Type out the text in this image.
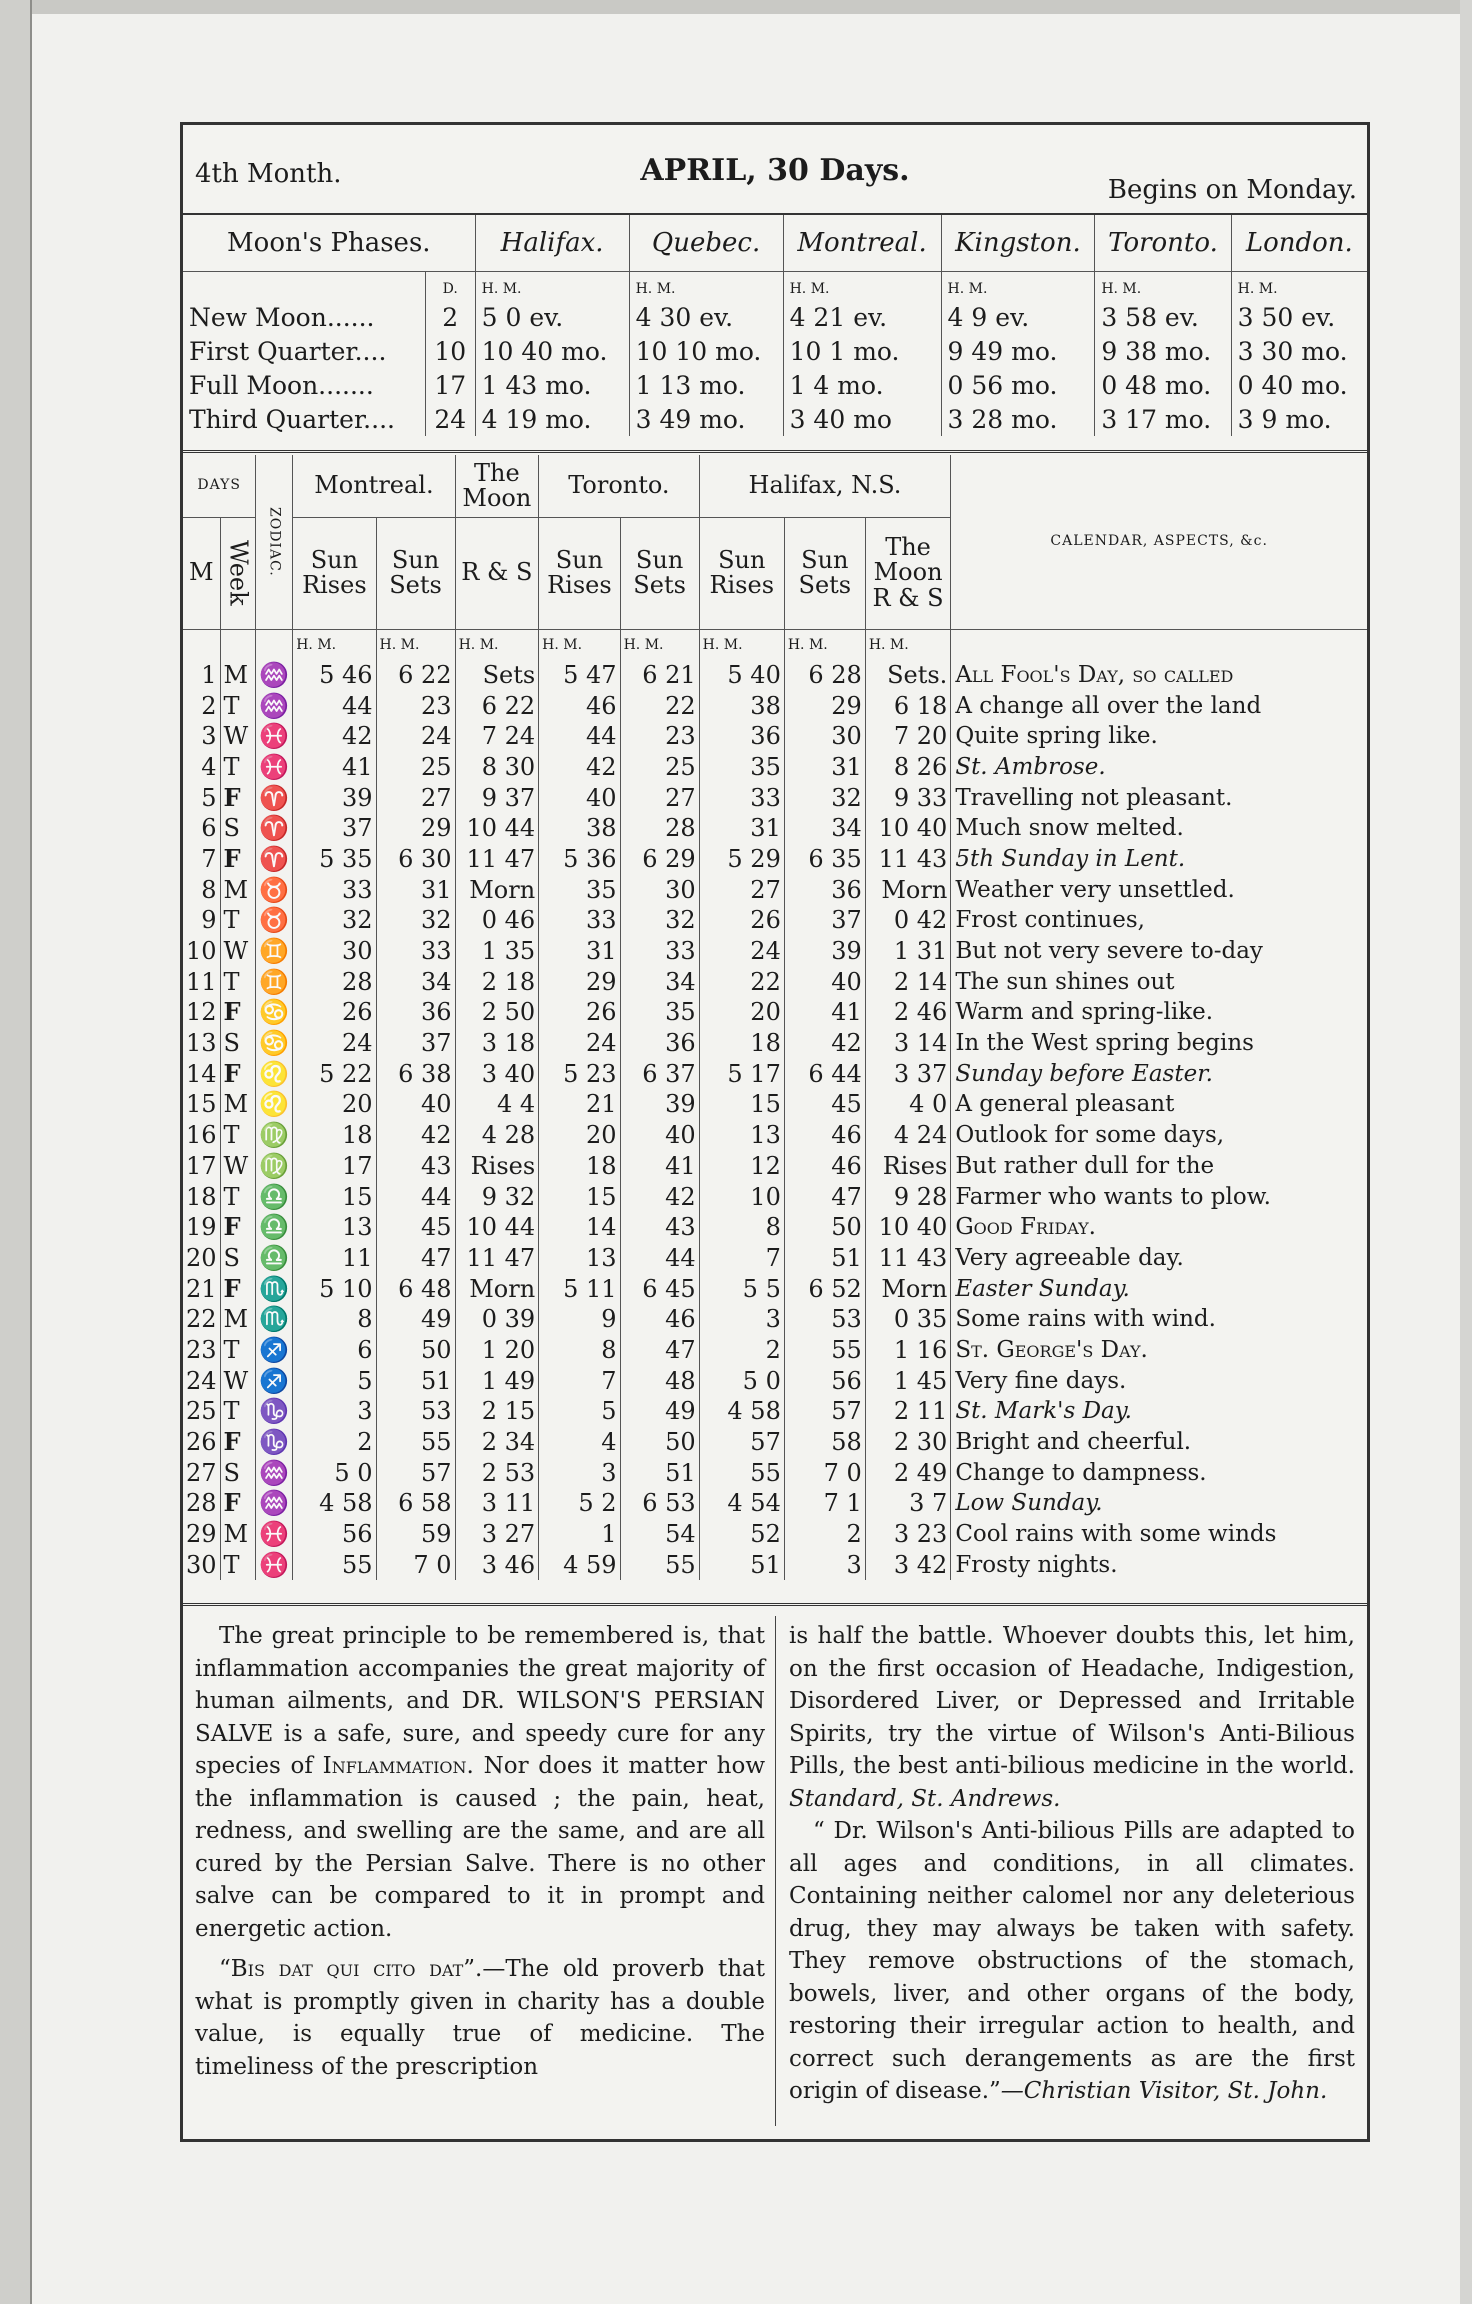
4th Month.	APRIL, 30 Days.
Begins on Monday.
Moon's Phases.		Halifax.	Quebec.	Montreal.	Kingston.	Toronto.	London.
	D.	H. M.	H. M.	H. M.	H. M.	H. M.	H. M.
New Moon......	2	5 0 ev.	4 30 ev.	4 21 ev.	4 9 ev.	3 58 ev.	3 50 ev.
First Quarter....	10	10 40 mo.	10 10 mo.	10 1 mo.	9 49 mo.	9 38 mo.	3 30 mo.
Full Moon.......	17	1 43 mo.	1 13 mo.	1 4 mo.	0 56 mo.	0 48 mo.	0 40 mo.
Third Quarter....	24	4 19 mo.	3 49 mo.	3 40 mo	3 28 mo.	3 17 mo.	3 9 mo.
DAYS		ZODIAC.	Montreal.		The Moon	Toronto.		Halifax, N.S.			CALENDAR, ASPECTS, &c.
M	Week		Sun Rises	Sun Sets	R & S	Sun Rises	Sun Sets	Sun Rises	Sun Sets	The Moon R & S	
			H. M.	H. M.	H. M.	H. M.	H. M.	H. M.	H. M.	H. M.	
1	M	♒	5 46	6 22	Sets	5 47	6 21	5 40	6 28	Sets.	All Fool's Day, so called
2	T	♒	44	23	6 22	46	22	38	29	6 18	A change all over the land
3	W	♓	42	24	7 24	44	23	36	30	7 20	Quite spring like.
4	T	♓	41	25	8 30	42	25	35	31	8 26	St. Ambrose.
5	F	♈	39	27	9 37	40	27	33	32	9 33	Travelling not pleasant.
6	S	♈	37	29	10 44	38	28	31	34	10 40	Much snow melted.
7	F	♈	5 35	6 30	11 47	5 36	6 29	5 29	6 35	11 43	5th Sunday in Lent.
8	M	♉	33	31	Morn	35	30	27	36	Morn	Weather very unsettled.
9	T	♉	32	32	0 46	33	32	26	37	0 42	Frost continues,
10	W	♊	30	33	1 35	31	33	24	39	1 31	But not very severe to-day
11	T	♊	28	34	2 18	29	34	22	40	2 14	The sun shines out
12	F	♋	26	36	2 50	26	35	20	41	2 46	Warm and spring-like.
13	S	♋	24	37	3 18	24	36	18	42	3 14	In the West spring begins
14	F	♌	5 22	6 38	3 40	5 23	6 37	5 17	6 44	3 37	Sunday before Easter.
15	M	♌	20	40	4 4	21	39	15	45	4 0	A general pleasant
16	T	♍	18	42	4 28	20	40	13	46	4 24	Outlook for some days,
17	W	♍	17	43	Rises	18	41	12	46	Rises	But rather dull for the
18	T	♎	15	44	9 32	15	42	10	47	9 28	Farmer who wants to plow.
19	F	♎	13	45	10 44	14	43	8	50	10 40	Good Friday.
20	S	♎	11	47	11 47	13	44	7	51	11 43	Very agreeable day.
21	F	♏	5 10	6 48	Morn	5 11	6 45	5 5	6 52	Morn	Easter Sunday.
22	M	♏	8	49	0 39	9	46	3	53	0 35	Some rains with wind.
23	T	♐	6	50	1 20	8	47	2	55	1 16	St. George's Day.
24	W	♐	5	51	1 49	7	48	5 0	56	1 45	Very fine days.
25	T	♑	3	53	2 15	5	49	4 58	57	2 11	St. Mark's Day.
26	F	♑	2	55	2 34	4	50	57	58	2 30	Bright and cheerful.
27	S	♒	5 0	57	2 53	3	51	55	7 0	2 49	Change to dampness.
28	F	♒	4 58	6 58	3 11	5 2	6 53	4 54	7 1	3 7	Low Sunday.
29	M	♓	56	59	3 27	1	54	52	2	3 23	Cool rains with some winds
30	T	♓	55	7 0	3 46	4 59	55	51	3	3 42	Frosty nights.

The great principle to be remembered is, that inflammation accompanies the great majority of human ailments, and DR. WILSON'S PERSIAN SALVE is a safe, sure, and speedy cure for any species of Inflammation. Nor does it matter how the inflammation is caused ; the pain, heat, redness, and swelling are the same, and are all cured by the Persian Salve. There is no other salve can be compared to it in prompt and energetic action.

“Bis dat qui cito dat”.—The old proverb that what is promptly given in charity has a double value, is equally true of medicine. The timeliness of the prescription

is half the battle. Whoever doubts this, let him, on the first occasion of Headache, Indigestion, Disordered Liver, or Depressed and Irritable Spirits, try the virtue of Wilson's Anti-Bilious Pills, the best anti-bilious medicine in the world. Standard, St. Andrews.

“ Dr. Wilson's Anti-bilious Pills are adapted to all ages and conditions, in all climates. Containing neither calomel nor any deleterious drug, they may always be taken with safety. They remove obstructions of the stomach, bowels, liver, and other organs of the body, restoring their irregular action to health, and correct such derangements as are the first origin of disease.”—Christian Visitor, St. John.
